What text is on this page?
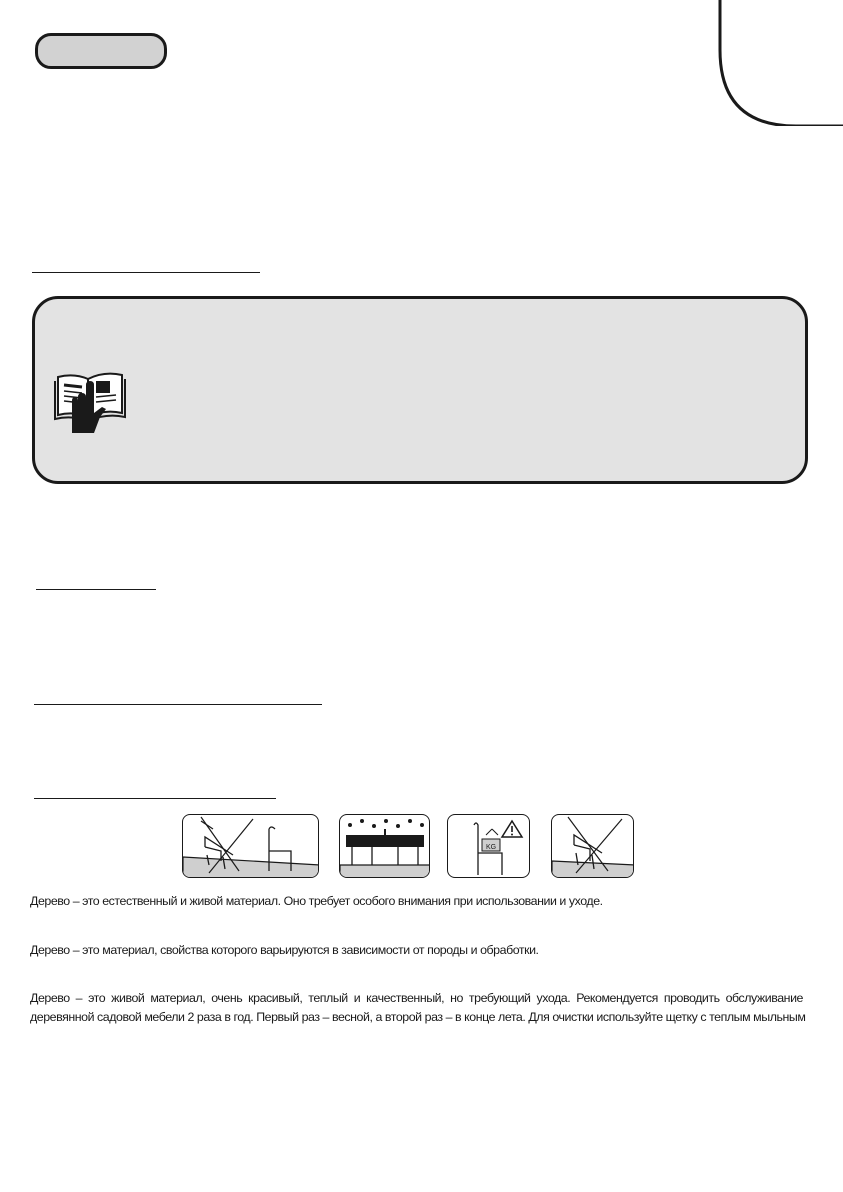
KG
Дерево – это естественный и живой материал. Оно требует особого внимания при использовании и уходе.
Дерево – это материал, свойства которого варьируются в зависимости от породы и обработки.
Дерево – это живой материал, очень красивый, теплый и качественный, но требующий ухода. Рекомендуется проводить обслуживание
деревянной садовой мебели 2 раза в год. Первый раз – весной, а второй раз – в конце лета. Для очистки используйте щетку с теплым мыльным
